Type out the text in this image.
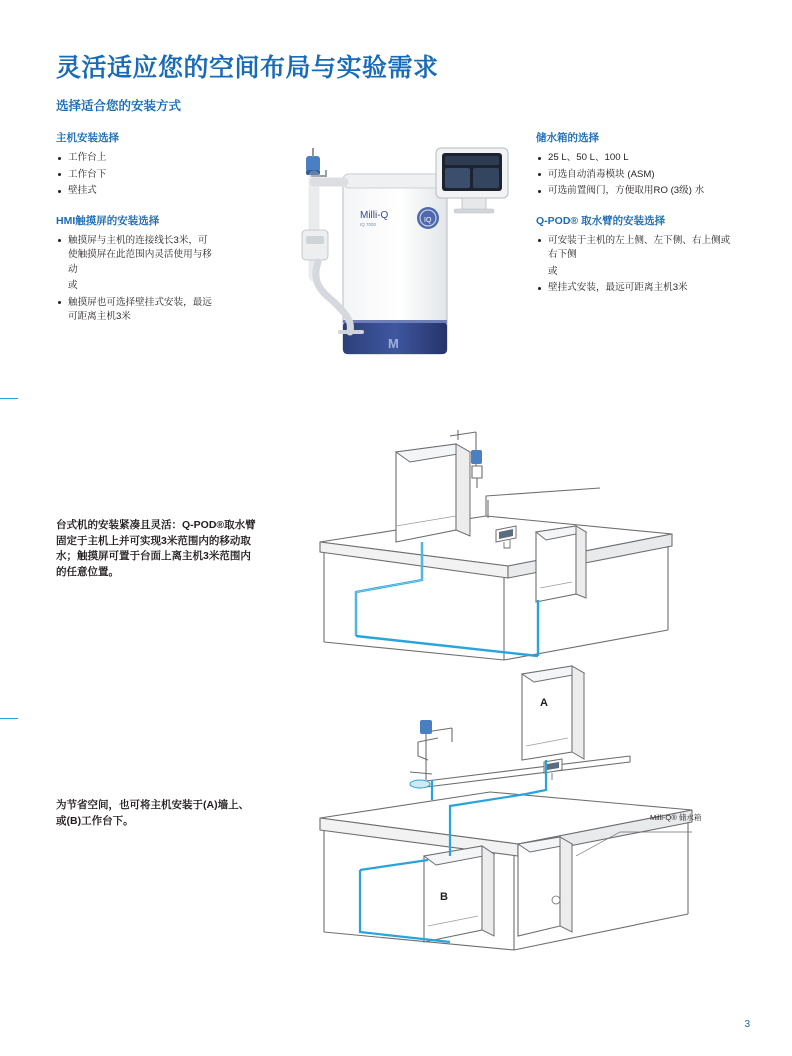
灵活适应您的空间布局与实验需求
选择适合您的安装方式
主机安装选择
工作台上
工作台下
壁挂式
HMI触摸屏的安装选择
触摸屏与主机的连接线长3米，可使触摸屏在此范围内灵活使用与移动
或
触摸屏也可选择壁挂式安装，最远可距离主机3米
储水箱的选择
25 L、50 L、100 L
可选自动消毒模块 (ASM)
可选前置阀门，方便取用RO (3级) 水
Q-POD® 取水臂的安装选择
可安装于主机的左上侧、左下侧、右上侧或右下侧
或
壁挂式安装，最远可距离主机3米
Milli-Q
IQ 7000
M
IQ
A
B
台式机的安装紧凑且灵活：Q-POD®取水臂固定于主机上并可实现3米范围内的移动取水；触摸屏可置于台面上离主机3米范围内的任意位置。
为节省空间，也可将主机安装于(A)墙上、或(B)工作台下。	Milli-Q® 储水箱
3
